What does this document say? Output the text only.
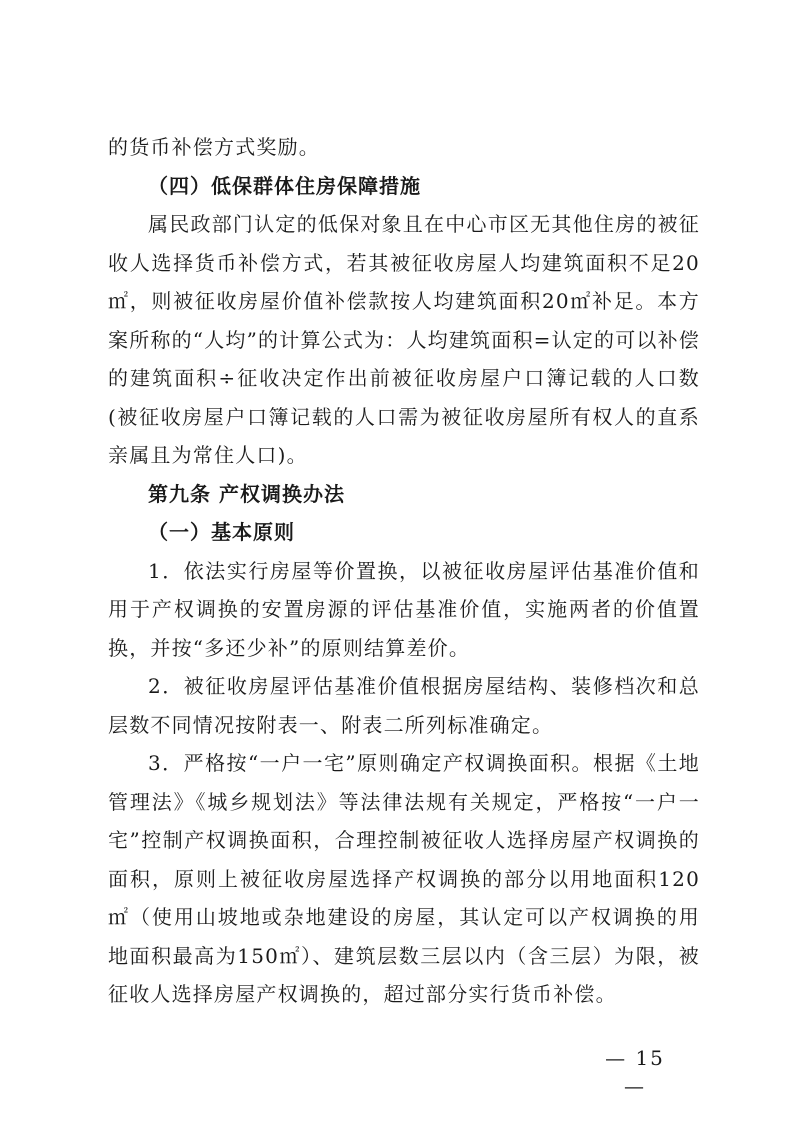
的货币补偿方式奖励。

（四）低保群体住房保障措施

属民政部门认定的低保对象且在中心市区无其他住房的被征收人选择货币补偿方式，若其被征收房屋人均建筑面积不足20㎡，则被征收房屋价值补偿款按人均建筑面积20㎡补足。本方案所称的“人均”的计算公式为：人均建筑面积=认定的可以补偿的建筑面积÷征收决定作出前被征收房屋户口簿记载的人口数(被征收房屋户口簿记载的人口需为被征收房屋所有权人的直系亲属且为常住人口)。

第九条 产权调换办法

（一）基本原则

1．依法实行房屋等价置换，以被征收房屋评估基准价值和用于产权调换的安置房源的评估基准价值，实施两者的价值置换，并按“多还少补”的原则结算差价。

2．被征收房屋评估基准价值根据房屋结构、装修档次和总层数不同情况按附表一、附表二所列标准确定。

3．严格按“一户一宅”原则确定产权调换面积。根据《土地管理法》《城乡规划法》等法律法规有关规定，严格按“一户一宅”控制产权调换面积，合理控制被征收人选择房屋产权调换的面积，原则上被征收房屋选择产权调换的部分以用地面积120㎡（使用山坡地或杂地建设的房屋，其认定可以产权调换的用地面积最高为150㎡）、建筑层数三层以内（含三层）为限，被征收人选择房屋产权调换的，超过部分实行货币补偿。

— 15 —
